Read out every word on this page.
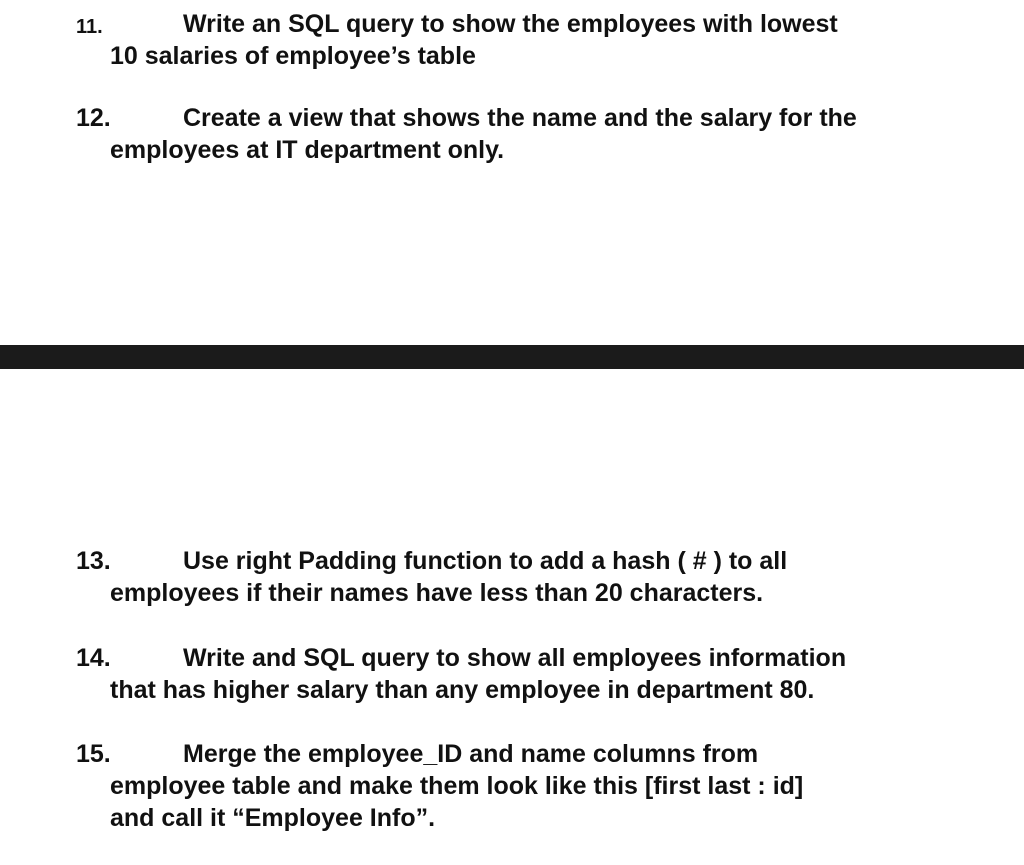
11.	Write an SQL query to show the employees with lowest
10 salaries of employee’s table
12.	Create a view that shows the name and the salary for the
employees at IT department only.
13.	Use right Padding function to add a hash ( # ) to all
employees if their names have less than 20 characters.
14.	Write and SQL query to show all employees information
that has higher salary than any employee in department 80.
15.	Merge the employee_ID and name columns from
employee table and make them look like this [first last : id]
and call it “Employee Info”.
